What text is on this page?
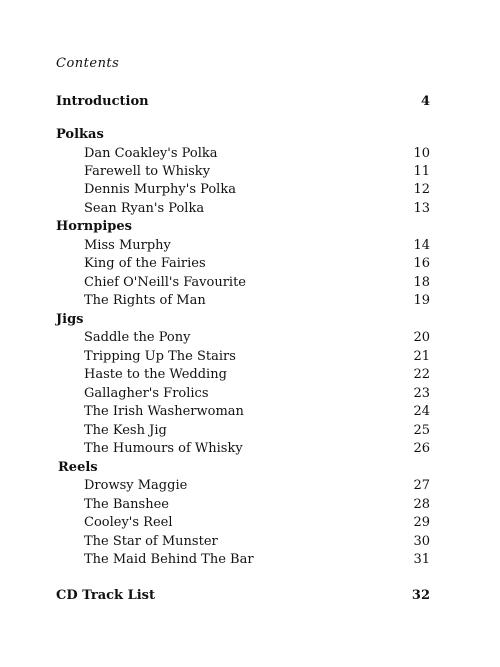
Contents
Introduction	4
Polkas
Dan Coakley's Polka	10
Farewell to Whisky	11
Dennis Murphy's Polka	12
Sean Ryan's Polka	13
Hornpipes
Miss Murphy	14
King of the Fairies	16
Chief O'Neill's Favourite	18
The Rights of Man	19
Jigs
Saddle the Pony	20
Tripping Up The Stairs	21
Haste to the Wedding	22
Gallagher's Frolics	23
The Irish Washerwoman	24
The Kesh Jig	25
The Humours of Whisky	26
Reels
Drowsy Maggie	27
The Banshee	28
Cooley's Reel	29
The Star of Munster	30
The Maid Behind The Bar	31
CD Track List	32
